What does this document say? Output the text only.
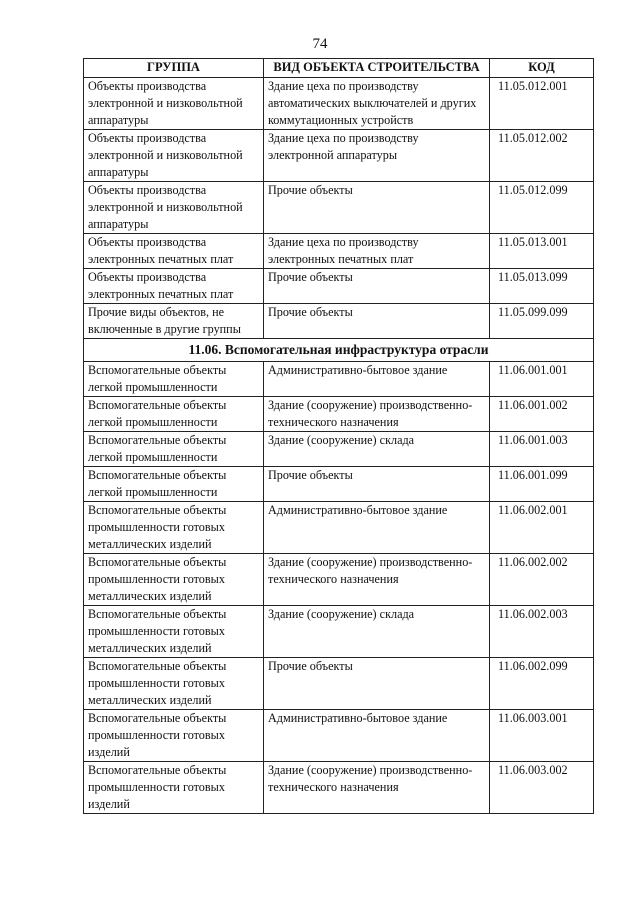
74
ГРУППА	ВИД ОБЪЕКТА СТРОИТЕЛЬСТВА	КОД
Объекты производства электронной и низковольтной аппаратуры	Здание цеха по производству автоматических выключателей и других коммутационных устройств	11.05.012.001
Объекты производства электронной и низковольтной аппаратуры	Здание цеха по производству электронной аппаратуры	11.05.012.002
Объекты производства электронной и низковольтной аппаратуры	Прочие объекты	11.05.012.099
Объекты производства электронных печатных плат	Здание цеха по производству электронных печатных плат	11.05.013.001
Объекты производства электронных печатных плат	Прочие объекты	11.05.013.099
Прочие виды объектов, не включенные в другие группы	Прочие объекты	11.05.099.099
11.06. Вспомогательная инфраструктура отрасли		
Вспомогательные объекты легкой промышленности	Административно-бытовое здание	11.06.001.001
Вспомогательные объекты легкой промышленности	Здание (сооружение) производственно-технического назначения	11.06.001.002
Вспомогательные объекты легкой промышленности	Здание (сооружение) склада	11.06.001.003
Вспомогательные объекты легкой промышленности	Прочие объекты	11.06.001.099
Вспомогательные объекты промышленности готовых металлических изделий	Административно-бытовое здание	11.06.002.001
Вспомогательные объекты промышленности готовых металлических изделий	Здание (сооружение) производственно-технического назначения	11.06.002.002
Вспомогательные объекты промышленности готовых металлических изделий	Здание (сооружение) склада	11.06.002.003
Вспомогательные объекты промышленности готовых металлических изделий	Прочие объекты	11.06.002.099
Вспомогательные объекты промышленности готовых изделий	Административно-бытовое здание	11.06.003.001
Вспомогательные объекты промышленности готовых изделий	Здание (сооружение) производственно-технического назначения	11.06.003.002
